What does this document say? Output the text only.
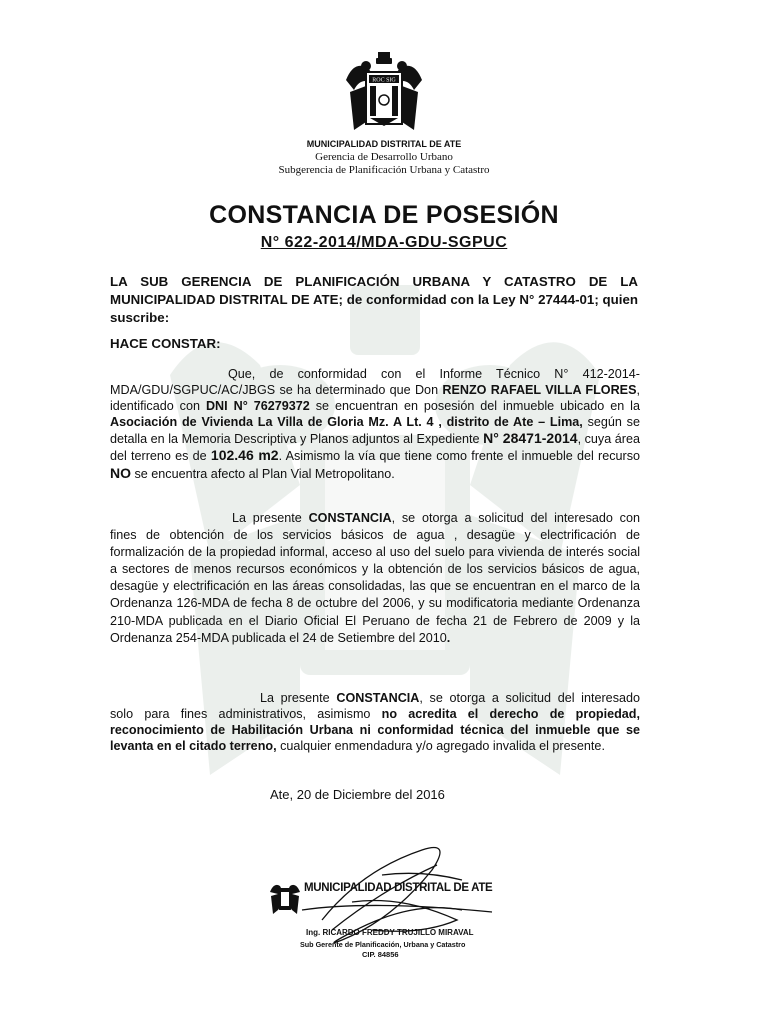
ROC SIG
MUNICIPALIDAD DISTRITAL DE ATE
Gerencia de Desarrollo Urbano
Subgerencia de Planificación Urbana y Catastro
CONSTANCIA DE POSESIÓN
N° 622-2014/MDA-GDU-SGPUC
LA SUB GERENCIA DE PLANIFICACIÓN URBANA Y CATASTRO DE LA MUNICIPALIDAD DISTRITAL DE ATE; de conformidad con la Ley N° 27444-01; quien suscribe:
HACE CONSTAR:
Que, de conformidad con el Informe Técnico N° 412-2014-MDA/GDU/SGPUC/AC/JBGS se ha determinado que Don RENZO RAFAEL VILLA FLORES, identificado con DNI N° 76279372 se encuentran en posesión del inmueble ubicado en la Asociación de Vivienda La Villa de Gloria Mz. A Lt. 4 , distrito de Ate – Lima, según se detalla en la Memoria Descriptiva y Planos adjuntos al Expediente N° 28471-2014, cuya área del terreno es de 102.46 m2. Asimismo la vía que tiene como frente el inmueble del recurso NO se encuentra afecto al Plan Vial Metropolitano.
La presente CONSTANCIA, se otorga a solicitud del interesado con fines de obtención de los servicios básicos de agua , desagüe y electrificación de formalización de la propiedad informal, acceso al uso del suelo para vivienda de interés social a sectores de menos recursos económicos y la obtención de los servicios básicos de agua, desagüe y electrificación en las áreas consolidadas, las que se encuentran en el marco de la Ordenanza 126-MDA de fecha 8 de octubre del 2006, y su modificatoria mediante Ordenanza 210-MDA publicada en el Diario Oficial El Peruano de fecha 21 de Febrero de 2009 y la Ordenanza 254-MDA publicada el 24 de Setiembre del 2010.
La presente CONSTANCIA, se otorga a solicitud del interesado solo para fines administrativos, asimismo no acredita el derecho de propiedad, reconocimiento de Habilitación Urbana ni conformidad técnica del inmueble que se levanta en el citado terreno, cualquier enmendadura y/o agregado invalida el presente.
Ate, 20 de Diciembre del 2016
MUNICIPALIDAD DISTRITAL DE ATE
Ing. RICARDO FREDDY TRUJILLO MIRAVAL
Sub Gerente de Planificación, Urbana y Catastro
CIP. 84856
